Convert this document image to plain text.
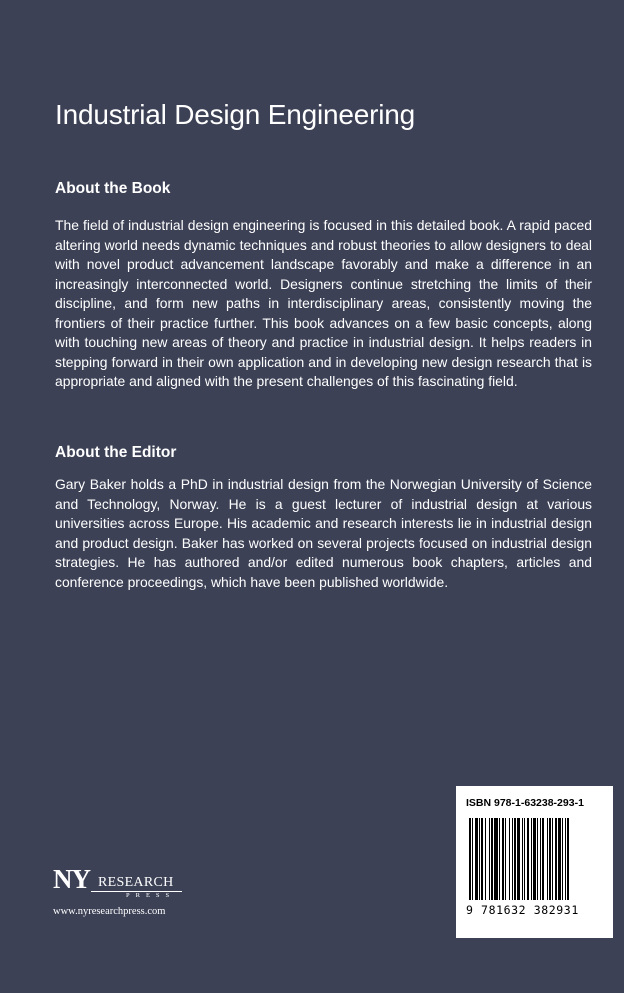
Industrial Design Engineering
About the Book

The field of industrial design engineering is focused in this detailed book. A rapid paced altering world needs dynamic techniques and robust theories to allow designers to deal with novel product advancement landscape favorably and make a difference in an increasingly interconnected world. Designers continue stretching the limits of their discipline, and form new paths in interdisciplinary areas, consistently moving the frontiers of their practice further. This book advances on a few basic concepts, along with touching new areas of theory and practice in industrial design. It helps readers in stepping forward in their own application and in developing new design research that is appropriate and aligned with the present challenges of this fascinating field.

About the Editor

Gary Baker holds a PhD in industrial design from the Norwegian University of Science and Technology, Norway. He is a guest lecturer of industrial design at various universities across Europe. His academic and research interests lie in industrial design and product design. Baker has worked on several projects focused on industrial design strategies. He has authored and/or edited numerous book chapters, articles and conference proceedings, which have been published worldwide.

ISBN 978-1-63238-293-1
9 781632 382931
NY RESEARCH
PRESS
www.nyresearchpress.com
